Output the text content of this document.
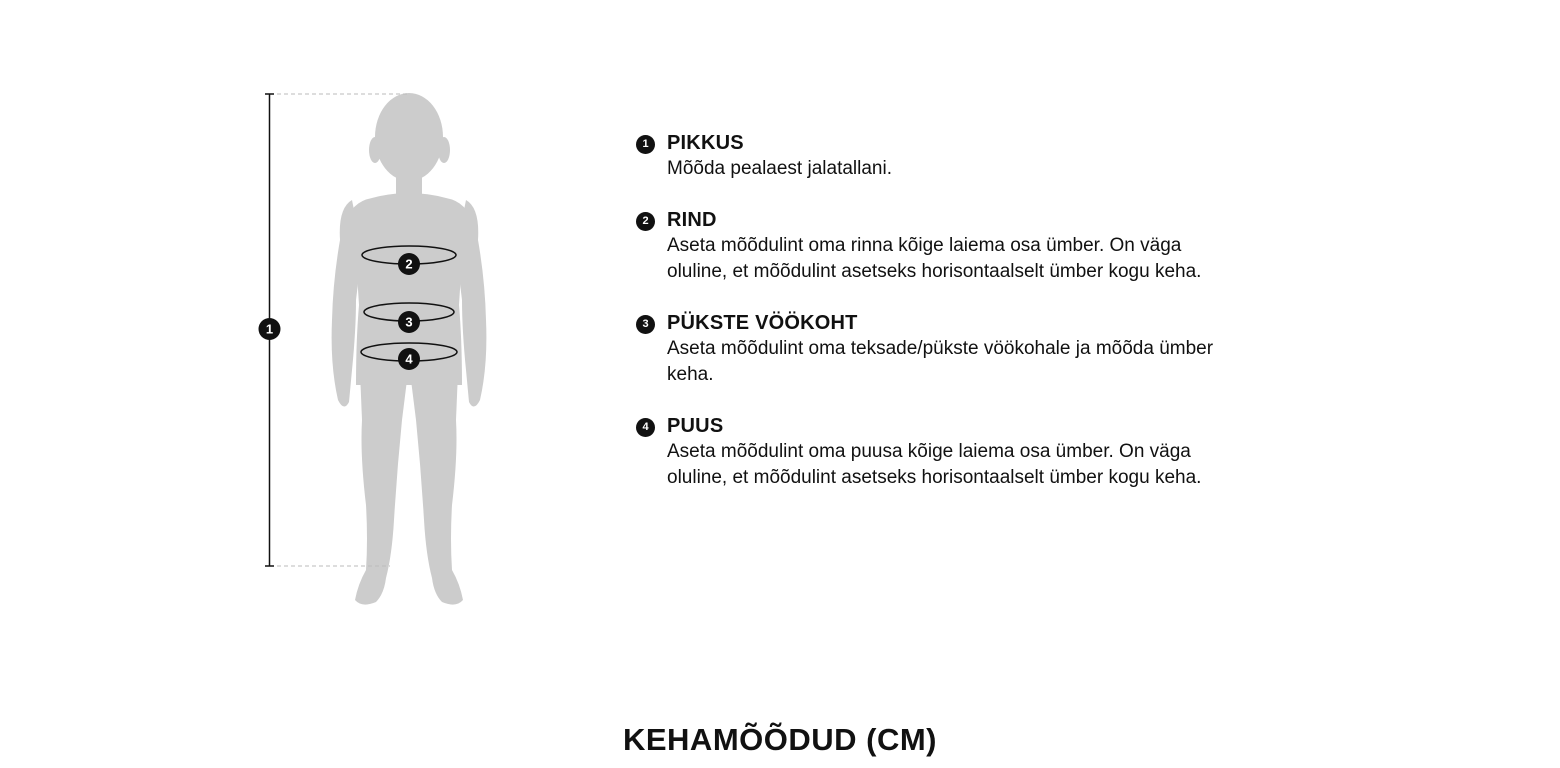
1
2
3
4
1 PIKKUS
Mõõda pealaest jalatallani.
2 RIND
Aseta mõõdulint oma rinna kõige laiema osa ümber. On väga oluline, et mõõdulint asetseks horisontaalselt ümber kogu keha.
3 PÜKSTE VÖÖKOHT
Aseta mõõdulint oma teksade/pükste vöökohale ja mõõda ümber keha.
4 PUUS
Aseta mõõdulint oma puusa kõige laiema osa ümber. On väga oluline, et mõõdulint asetseks horisontaalselt ümber kogu keha.
KEHAMÕÕDUD (CM)
